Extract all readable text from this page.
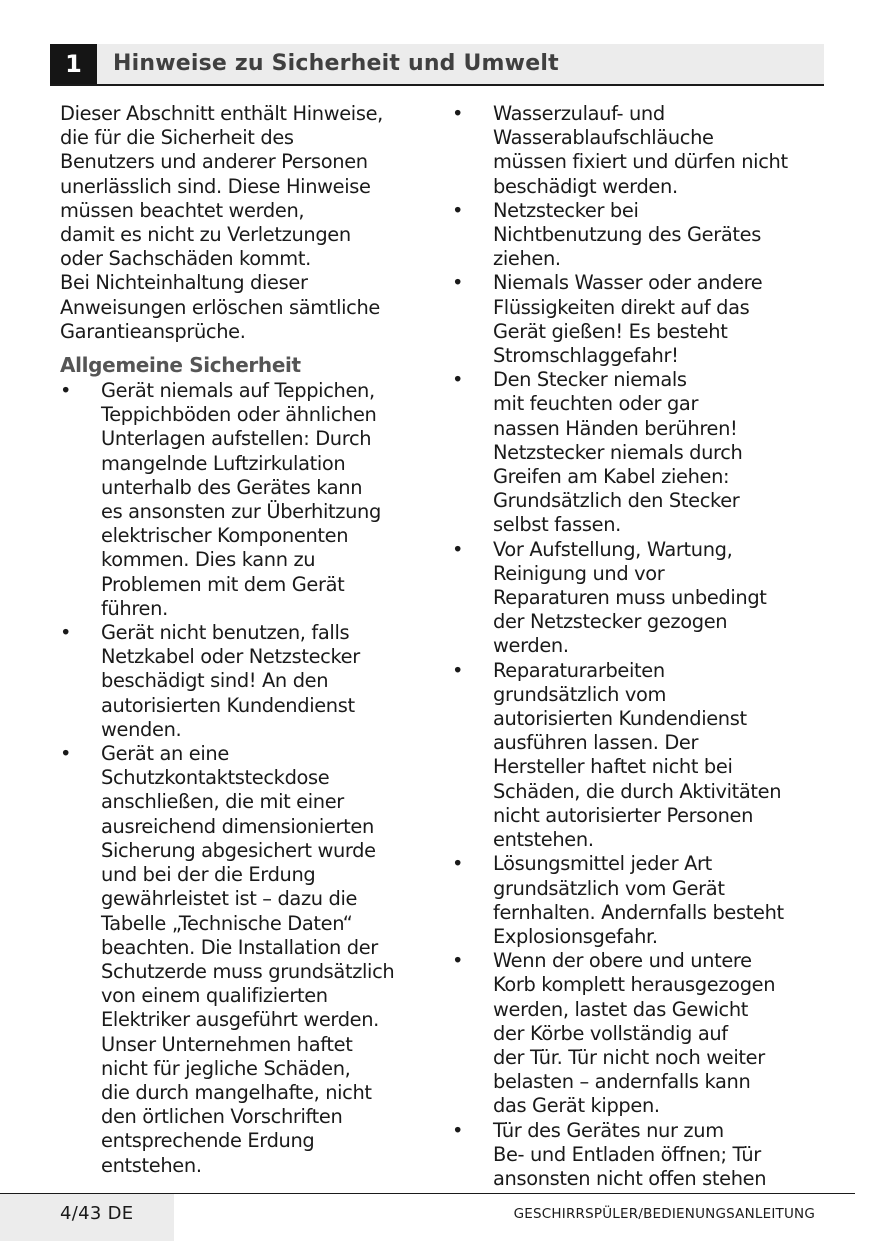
1	Hinweise zu Sicherheit und Umwelt
Dieser Abschnitt enthält Hinweise,
die für die Sicherheit des
Benutzers und anderer Personen
unerlässlich sind. Diese Hinweise
müssen beachtet werden,
damit es nicht zu Verletzungen
oder Sachschäden kommt.
Bei Nichteinhaltung dieser
Anweisungen erlöschen sämtliche
Garantieansprüche.
Allgemeine Sicherheit
•	Gerät niemals auf Teppichen,
Teppichböden oder ähnlichen
Unterlagen aufstellen: Durch
mangelnde Luftzirkulation
unterhalb des Gerätes kann
es ansonsten zur Überhitzung
elektrischer Komponenten
kommen. Dies kann zu
Problemen mit dem Gerät
führen.
•	Gerät nicht benutzen, falls
Netzkabel oder Netzstecker
beschädigt sind! An den
autorisierten Kundendienst
wenden.
•	Gerät an eine
Schutzkontaktsteckdose
anschließen, die mit einer
ausreichend dimensionierten
Sicherung abgesichert wurde
und bei der die Erdung
gewährleistet ist – dazu die
Tabelle „Technische Daten“
beachten. Die Installation der
Schutzerde muss grundsätzlich
von einem qualifizierten
Elektriker ausgeführt werden.
Unser Unternehmen haftet
nicht für jegliche Schäden,
die durch mangelhafte, nicht
den örtlichen Vorschriften
entsprechende Erdung
entstehen.
•	Wasserzulauf- und
Wasserablaufschläuche
müssen fixiert und dürfen nicht
beschädigt werden.
•	Netzstecker bei
Nichtbenutzung des Gerätes
ziehen.
•	Niemals Wasser oder andere
Flüssigkeiten direkt auf das
Gerät gießen! Es besteht
Stromschlaggefahr!
•	Den Stecker niemals
mit feuchten oder gar
nassen Händen berühren!
Netzstecker niemals durch
Greifen am Kabel ziehen:
Grundsätzlich den Stecker
selbst fassen.
•	Vor Aufstellung, Wartung,
Reinigung und vor
Reparaturen muss unbedingt
der Netzstecker gezogen
werden.
•	Reparaturarbeiten
grundsätzlich vom
autorisierten Kundendienst
ausführen lassen. Der
Hersteller haftet nicht bei
Schäden, die durch Aktivitäten
nicht autorisierter Personen
entstehen.
•	Lösungsmittel jeder Art
grundsätzlich vom Gerät
fernhalten. Andernfalls besteht
Explosionsgefahr.
•	Wenn der obere und untere
Korb komplett herausgezogen
werden, lastet das Gewicht
der Körbe vollständig auf
der Tür. Tür nicht noch weiter
belasten – andernfalls kann
das Gerät kippen.
•	Tür des Gerätes nur zum
Be- und Entladen öffnen; Tür
ansonsten nicht offen stehen
4/43 DE	GESCHIRRSPÜLER/BEDIENUNGSANLEITUNG
